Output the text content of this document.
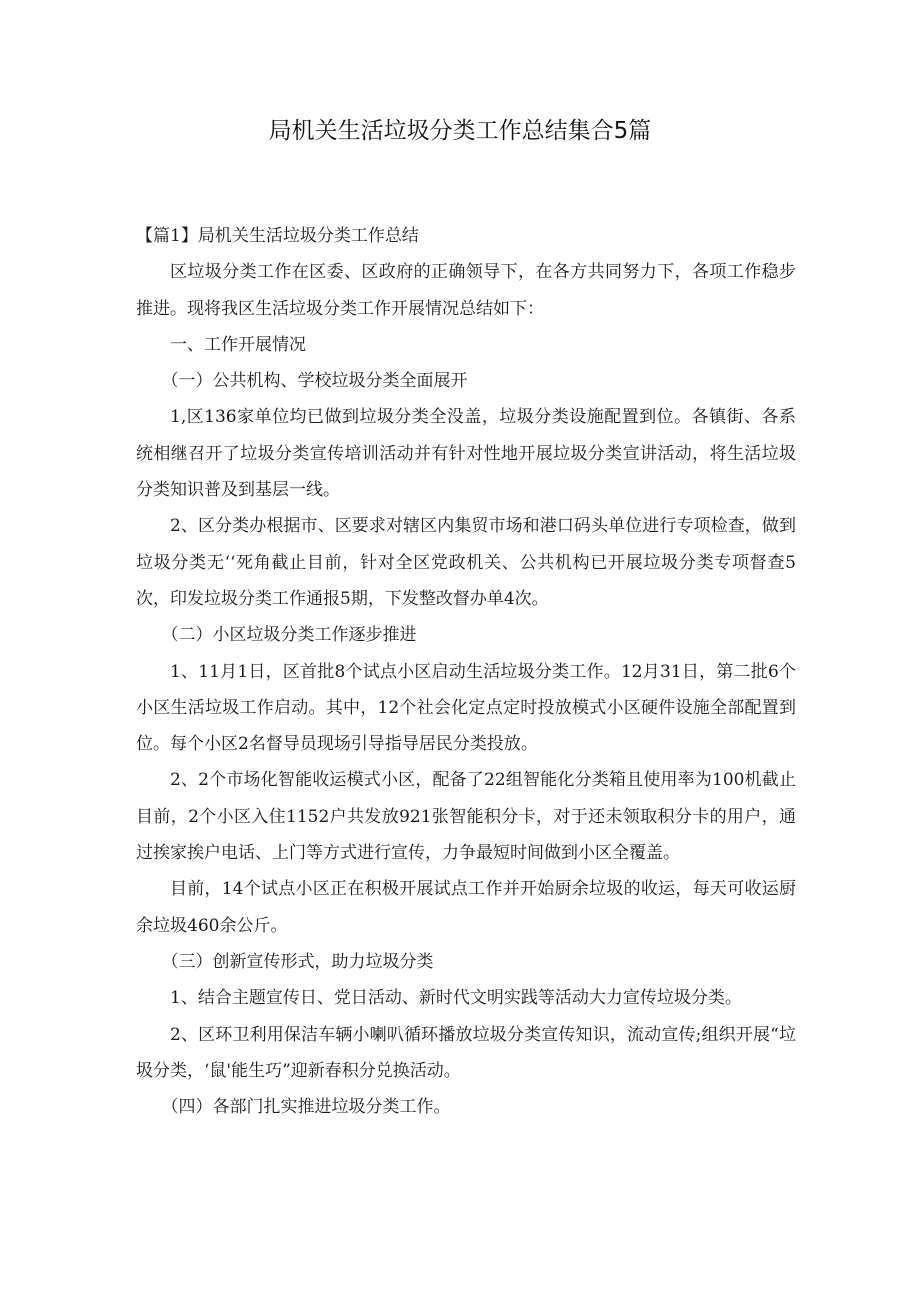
局机关生活垃圾分类工作总结集合5篇

【篇1】局机关生活垃圾分类工作总结

区垃圾分类工作在区委、区政府的正确领导下，在各方共同努力下，各项工作稳步推进。现将我区生活垃圾分类工作开展情况总结如下：

一、工作开展情况

（一）公共机构、学校垃圾分类全面展开

1,区136家单位均已做到垃圾分类全没盖，垃圾分类设施配置到位。各镇街、各系统相继召开了垃圾分类宣传培训活动并有针对性地开展垃圾分类宣讲活动，将生活垃圾分类知识普及到基层一线。

2、区分类办根据市、区要求对辖区内集贸市场和港口码头单位进行专项检查，做到垃圾分类无‘‘死角截止目前，针对全区党政机关、公共机构已开展垃圾分类专项督查5次，印发垃圾分类工作通报5期，下发整改督办单4次。

（二）小区垃圾分类工作逐步推进

1、11月1日，区首批8个试点小区启动生活垃圾分类工作。12月31日，第二批6个小区生活垃圾工作启动。其中，12个社会化定点定时投放模式小区硬件设施全部配置到位。每个小区2名督导员现场引导指导居民分类投放。

2、2个市场化智能收运模式小区，配备了22组智能化分类箱且使用率为100机截止目前，2个小区入住1152户共发放921张智能积分卡，对于还未领取积分卡的用户，通过挨家挨户电话、上门等方式进行宣传，力争最短时间做到小区全覆盖。

目前，14个试点小区正在积极开展试点工作并开始厨余垃圾的收运，每天可收运厨余垃圾460余公斤。

（三）创新宣传形式，助力垃圾分类

1、结合主题宣传日、党日活动、新时代文明实践等活动大力宣传垃圾分类。

2、区环卫利用保洁车辆小喇叭循环播放垃圾分类宣传知识，流动宣传;组织开展“垃圾分类，‘鼠'能生巧”迎新春积分兑换活动。

（四）各部门扎实推进垃圾分类工作。
